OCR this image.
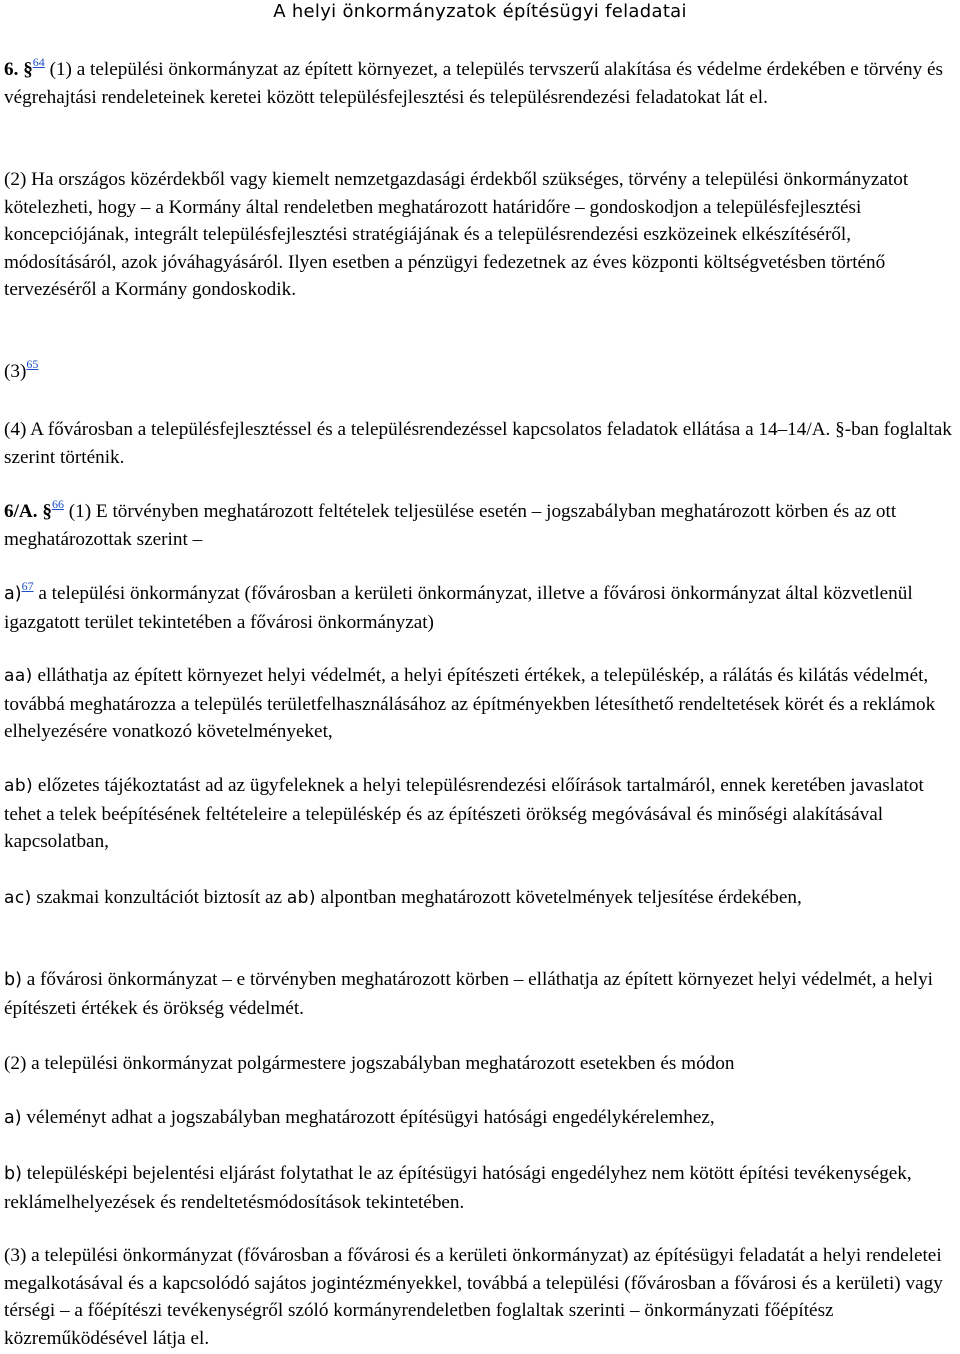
A helyi önkormányzatok építésügyi feladatai

6. §$^{64}$ (1) a települési önkormányzat az épített környezet, a település tervszerű alakítása és védelme érdekében e törvény és végrehajtási rendeleteinek keretei között településfejlesztési és településrendezési feladatokat lát el.

(2) Ha országos közérdekből vagy kiemelt nemzetgazdasági érdekből szükséges, törvény a települési önkormányzatot kötelezheti, hogy – a Kormány által rendeletben meghatározott határidőre – gondoskodjon a településfejlesztési koncepciójának, integrált településfejlesztési stratégiájának és a településrendezési eszközeinek elkészítéséről, módosításáról, azok jóváhagyásáról. Ilyen esetben a pénzügyi fedezetnek az éves központi költségvetésben történő tervezéséről a Kormány gondoskodik.

(3)$^{65}$

(4) A fővárosban a településfejlesztéssel és a településrendezéssel kapcsolatos feladatok ellátása a 14–14/A. §-ban foglaltak szerint történik.

6/A. §$^{66}$ (1) E törvényben meghatározott feltételek teljesülése esetén – jogszabályban meghatározott körben és az ott meghatározottak szerint –

a)$^{67}$ a települési önkormányzat (fővárosban a kerületi önkormányzat, illetve a fővárosi önkormányzat által közvetlenül igazgatott terület tekintetében a fővárosi önkormányzat)

aa) elláthatja az épített környezet helyi védelmét, a helyi építészeti értékek, a településkép, a rálátás és kilátás védelmét, továbbá meghatározza a település területfelhasználásához az építményekben létesíthető rendeltetések körét és a reklámok elhelyezésére vonatkozó követelményeket,

ab) előzetes tájékoztatást ad az ügyfeleknek a helyi településrendezési előírások tartalmáról, ennek keretében javaslatot tehet a telek beépítésének feltételeire a településkép és az építészeti örökség megóvásával és minőségi alakításával kapcsolatban,

ac) szakmai konzultációt biztosít az ab) alpontban meghatározott követelmények teljesítése érdekében,

b) a fővárosi önkormányzat – e törvényben meghatározott körben – elláthatja az épített környezet helyi védelmét, a helyi építészeti értékek és örökség védelmét.

(2) a települési önkormányzat polgármestere jogszabályban meghatározott esetekben és módon

a) véleményt adhat a jogszabályban meghatározott építésügyi hatósági engedélykérelemhez,

b) településképi bejelentési eljárást folytathat le az építésügyi hatósági engedélyhez nem kötött építési tevékenységek, reklámelhelyezések és rendeltetésmódosítások tekintetében.

(3) a települési önkormányzat (fővárosban a fővárosi és a kerületi önkormányzat) az építésügyi feladatát a helyi rendeletei megalkotásával és a kapcsolódó sajátos jogintézményekkel, továbbá a települési (fővárosban a fővárosi és a kerületi) vagy térségi – a főépítészi tevékenységről szóló kormányrendeletben foglaltak szerinti – önkormányzati főépítész közreműködésével látja el.
